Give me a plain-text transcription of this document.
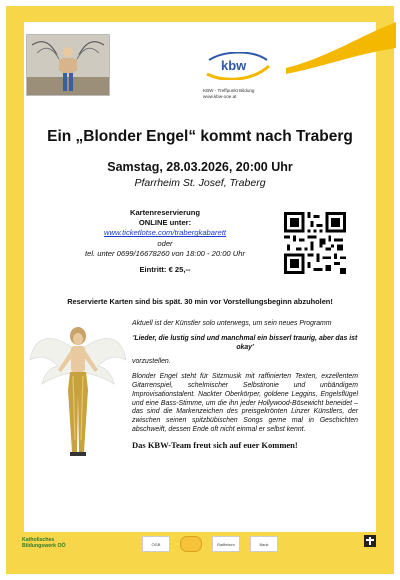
kbw
KBW - Treffpunkt Bildung
www.kbw-ooe.at
Ein „Blonder Engel“ kommt nach Traberg
Samstag, 28.03.2026, 20:00 Uhr
Pfarrheim St. Josef, Traberg
Kartenreservierung
ONLINE unter:
www.ticketlotse.com/trabergkabarett
oder
tel. unter 0699/16678260 von 18:00 - 20:00 Uhr
Eintritt: € 25,--
Reservierte Karten sind bis spät. 30 min vor Vorstellungsbeginn abzuholen!

Aktuell ist der Künstler solo unterwegs, um sein neues Programm

'Lieder, die lustig sind und manchmal ein bisserl traurig, aber das ist okay'

vorzustellen.

Blonder Engel steht für Sitzmusik mit raffinierten Texten, exzellentem Gitarrenspiel, schelmischer Selbstironie und unbändigem Improvisationstalent. Nackter Oberkörper, goldene Leggins, Engelsflügel und eine Bass-Stimme, um die ihn jeder Hollywood-Bösewicht beneidet – das sind die Markenzeichen des preisgekrönten Linzer Künstlers, der zwischen seinen spitzbübischen Songs gerne mal in Geschichten abschweift, dessen Ende oft nicht einmal er selbst kennt.

Das KBW-Team freut sich auf euer Kommen!

Katholisches
Bildungswerk OÖ	ÖGB	Raiffeisen	Bank
